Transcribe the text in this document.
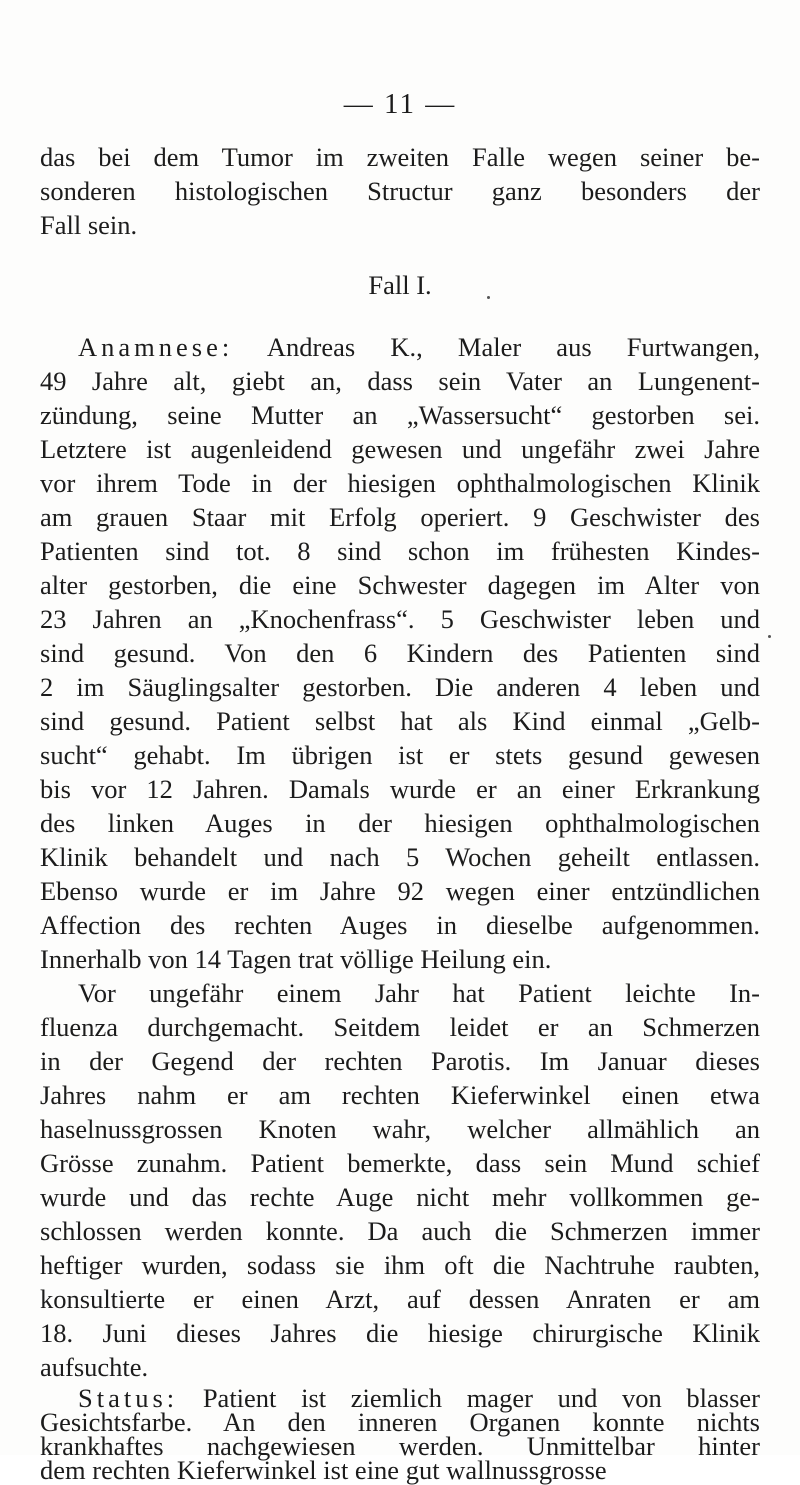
— 11 —
das bei dem Tumor im zweiten Falle wegen seiner be-
sonderen histologischen Structur ganz besonders der
Fall sein.
Fall I.
Anamnese: Andreas K., Maler aus Furtwangen,
49 Jahre alt, giebt an, dass sein Vater an Lungenent-
zündung, seine Mutter an „Wassersucht“ gestorben sei.
Letztere ist augenleidend gewesen und ungefähr zwei Jahre
vor ihrem Tode in der hiesigen ophthalmologischen Klinik
am grauen Staar mit Erfolg operiert. 9 Geschwister des
Patienten sind tot. 8 sind schon im frühesten Kindes-
alter gestorben, die eine Schwester dagegen im Alter von
23 Jahren an „Knochenfrass“. 5 Geschwister leben und
sind gesund. Von den 6 Kindern des Patienten sind
2 im Säuglingsalter gestorben. Die anderen 4 leben und
sind gesund. Patient selbst hat als Kind einmal „Gelb-
sucht“ gehabt. Im übrigen ist er stets gesund gewesen
bis vor 12 Jahren. Damals wurde er an einer Erkrankung
des linken Auges in der hiesigen ophthalmologischen
Klinik behandelt und nach 5 Wochen geheilt entlassen.
Ebenso wurde er im Jahre 92 wegen einer entzündlichen
Affection des rechten Auges in dieselbe aufgenommen.
Innerhalb von 14 Tagen trat völlige Heilung ein.
Vor ungefähr einem Jahr hat Patient leichte In-
fluenza durchgemacht. Seitdem leidet er an Schmerzen
in der Gegend der rechten Parotis. Im Januar dieses
Jahres nahm er am rechten Kieferwinkel einen etwa
haselnussgrossen Knoten wahr, welcher allmählich an
Grösse zunahm. Patient bemerkte, dass sein Mund schief
wurde und das rechte Auge nicht mehr vollkommen ge-
schlossen werden konnte. Da auch die Schmerzen immer
heftiger wurden, sodass sie ihm oft die Nachtruhe raubten,
konsultierte er einen Arzt, auf dessen Anraten er am
18. Juni dieses Jahres die hiesige chirurgische Klinik
aufsuchte.
Status: Patient ist ziemlich mager und von blasser
Gesichtsfarbe. An den inneren Organen konnte nichts
krankhaftes nachgewiesen werden. Unmittelbar hinter
dem rechten Kieferwinkel ist eine gut wallnussgrosse
